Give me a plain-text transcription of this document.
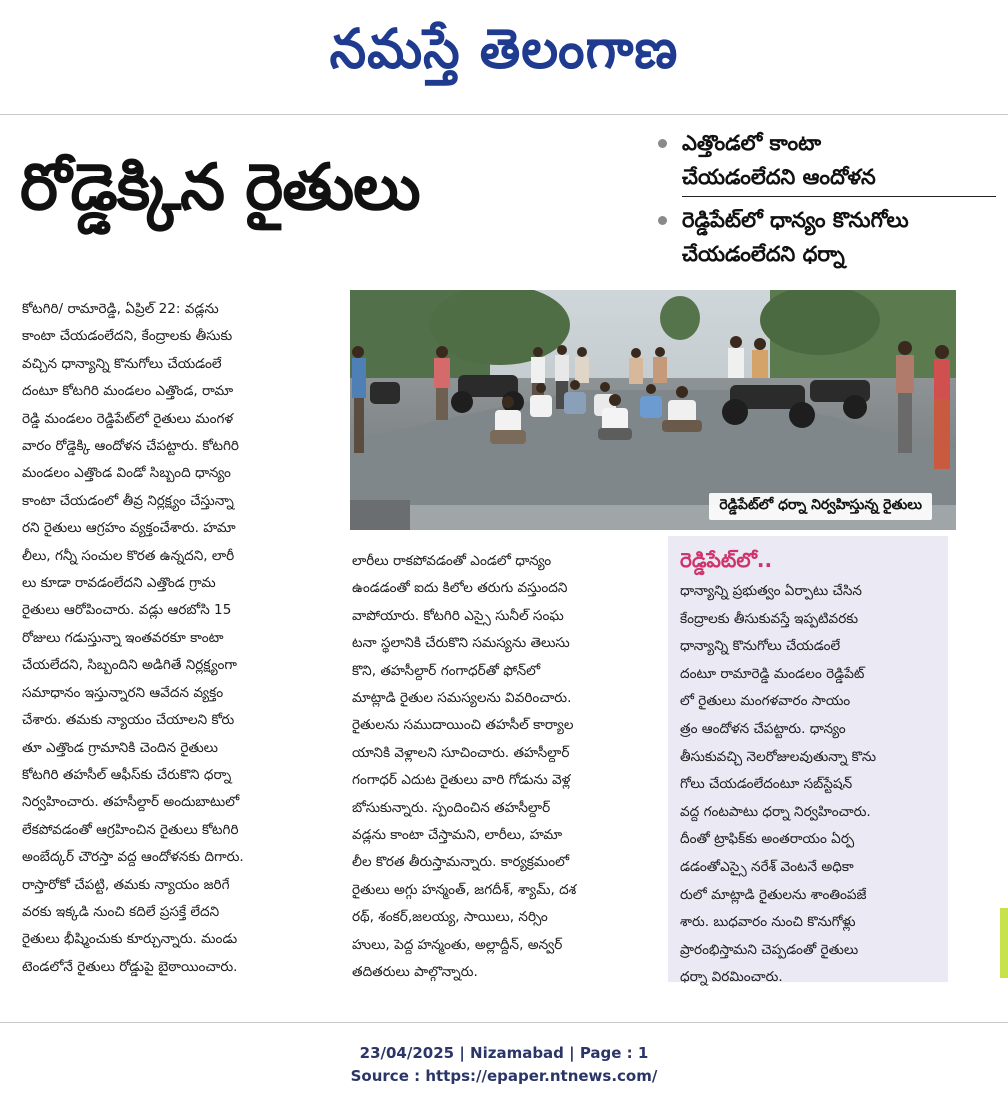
నమస్తే తెలంగాణ
రోడ్డెక్కిన రైతులు
ఎత్తొండలో కాంటా
చేయడంలేదని ఆందోళన
రెడ్డిపేట్‌లో ధాన్యం కొనుగోలు
చేయడంలేదని ధర్నా
కోటగిరి/ రామారెడ్డి, ఏప్రిల్ 22: వడ్లను
కాంటా చేయడంలేదని, కేంద్రాలకు తీసుకు
వచ్చిన ధాన్యాన్ని కొనుగోలు చేయడంలే
దంటూ కోటగిరి మండలం ఎత్తొండ, రామా
రెడ్డి మండలం రెడ్డిపేట్‌లో రైతులు మంగళ
వారం రోడ్డెక్కి ఆందోళన చేపట్టారు. కోటగిరి
మండలం ఎత్తొండ విండో సిబ్బంది ధాన్యం
కాంటా చేయడంలో తీవ్ర నిర్లక్ష్యం చేస్తున్నా
రని రైతులు ఆగ్రహం వ్యక్తంచేశారు. హమా
లీలు, గన్నీ సంచుల కొరత ఉన్నదని, లారీ
లు కూడా రావడంలేదని ఎత్తొండ గ్రామ
రైతులు ఆరోపించారు. వడ్లు ఆరబోసి 15
రోజులు గడుస్తున్నా ఇంతవరకూ కాంటా
చేయలేదని, సిబ్బందిని అడిగితే నిర్లక్ష్యంగా
సమాధానం ఇస్తున్నారని ఆవేదన వ్యక్తం
చేశారు. తమకు న్యాయం చేయాలని కోరు
తూ ఎత్తొండ గ్రామానికి చెందిన రైతులు
కోటగిరి తహసీల్ ఆఫీస్‌కు చేరుకొని ధర్నా
నిర్వహించారు. తహసీల్దార్ అందుబాటులో
లేకపోవడంతో ఆగ్రహించిన రైతులు కోటగిరి
అంబేద్కర్ చౌరస్తా వద్ద ఆందోళనకు దిగారు.
రాస్తారోకో చేపట్టి, తమకు న్యాయం జరిగే
వరకు ఇక్కడి నుంచి కదిలే ప్రసక్తే లేదని
రైతులు భీష్మించుకు కూర్చున్నారు. మండు
టెండలోనే రైతులు రోడ్డుపై బైఠాయించారు.
రెడ్డిపేట్‌లో ధర్నా నిర్వహిస్తున్న రైతులు
లారీలు రాకపోవడంతో ఎండలో ధాన్యం
ఉండడంతో ఐదు కిలోల తరుగు వస్తుందని
వాపోయారు. కోటగిరి ఎస్సై సునీల్ సంఘ
టనా స్థలానికి చేరుకొని సమస్యను తెలుసు
కొని, తహసీల్దార్ గంగాధర్‌తో ఫోన్‌లో
మాట్లాడి రైతుల సమస్యలను వివరించారు.
రైతులను సముదాయించి తహసీల్ కార్యాల
యానికి వెళ్లాలని సూచించారు. తహసీల్దార్
గంగాధర్ ఎదుట రైతులు వారి గోడును వెళ్ల
బోసుకున్నారు. స్పందించిన తహసీల్దార్
వడ్లను కాంటా చేస్తామని, లారీలు, హమా
లీల కొరత తీరుస్తామన్నారు. కార్యక్రమంలో
రైతులు అగ్గు హన్మంత్, జగదీశ్, శ్యామ్, దశ
రథ్, శంకర్,జలయ్య, సాయిలు, నర్సిం
హులు, పెద్ద హన్మంతు, అల్లాద్దీన్, అన్వర్
తదితరులు పాల్గొన్నారు.
రెడ్డిపేట్‌లో..
ధాన్యాన్ని ప్రభుత్వం ఏర్పాటు చేసిన
కేంద్రాలకు తీసుకువస్తే ఇప్పటివరకు
ధాన్యాన్ని కొనుగోలు చేయడంలే
దంటూ రామారెడ్డి మండలం రెడ్డిపేట్
లో రైతులు మంగళవారం సాయం
త్రం ఆందోళన చేపట్టారు. ధాన్యం
తీసుకువచ్చి నెలరోజులవుతున్నా కొను
గోలు చేయడంలేదంటూ సబ్‌స్టేషన్
వద్ద గంటపాటు ధర్నా నిర్వహించారు.
దీంతో ట్రాఫిక్‌కు అంతరాయం ఏర్ప
డడంతోఎస్సై నరేశ్ వెంటనే అధికా
రులో మాట్లాడి రైతులను శాంతింపజే
శారు. బుధవారం నుంచి కొనుగోళ్లు
ప్రారంభిస్తామని చెప్పడంతో రైతులు
ధర్నా విరమించారు.
23/04/2025 | Nizamabad | Page : 1
Source : https://epaper.ntnews.com/
